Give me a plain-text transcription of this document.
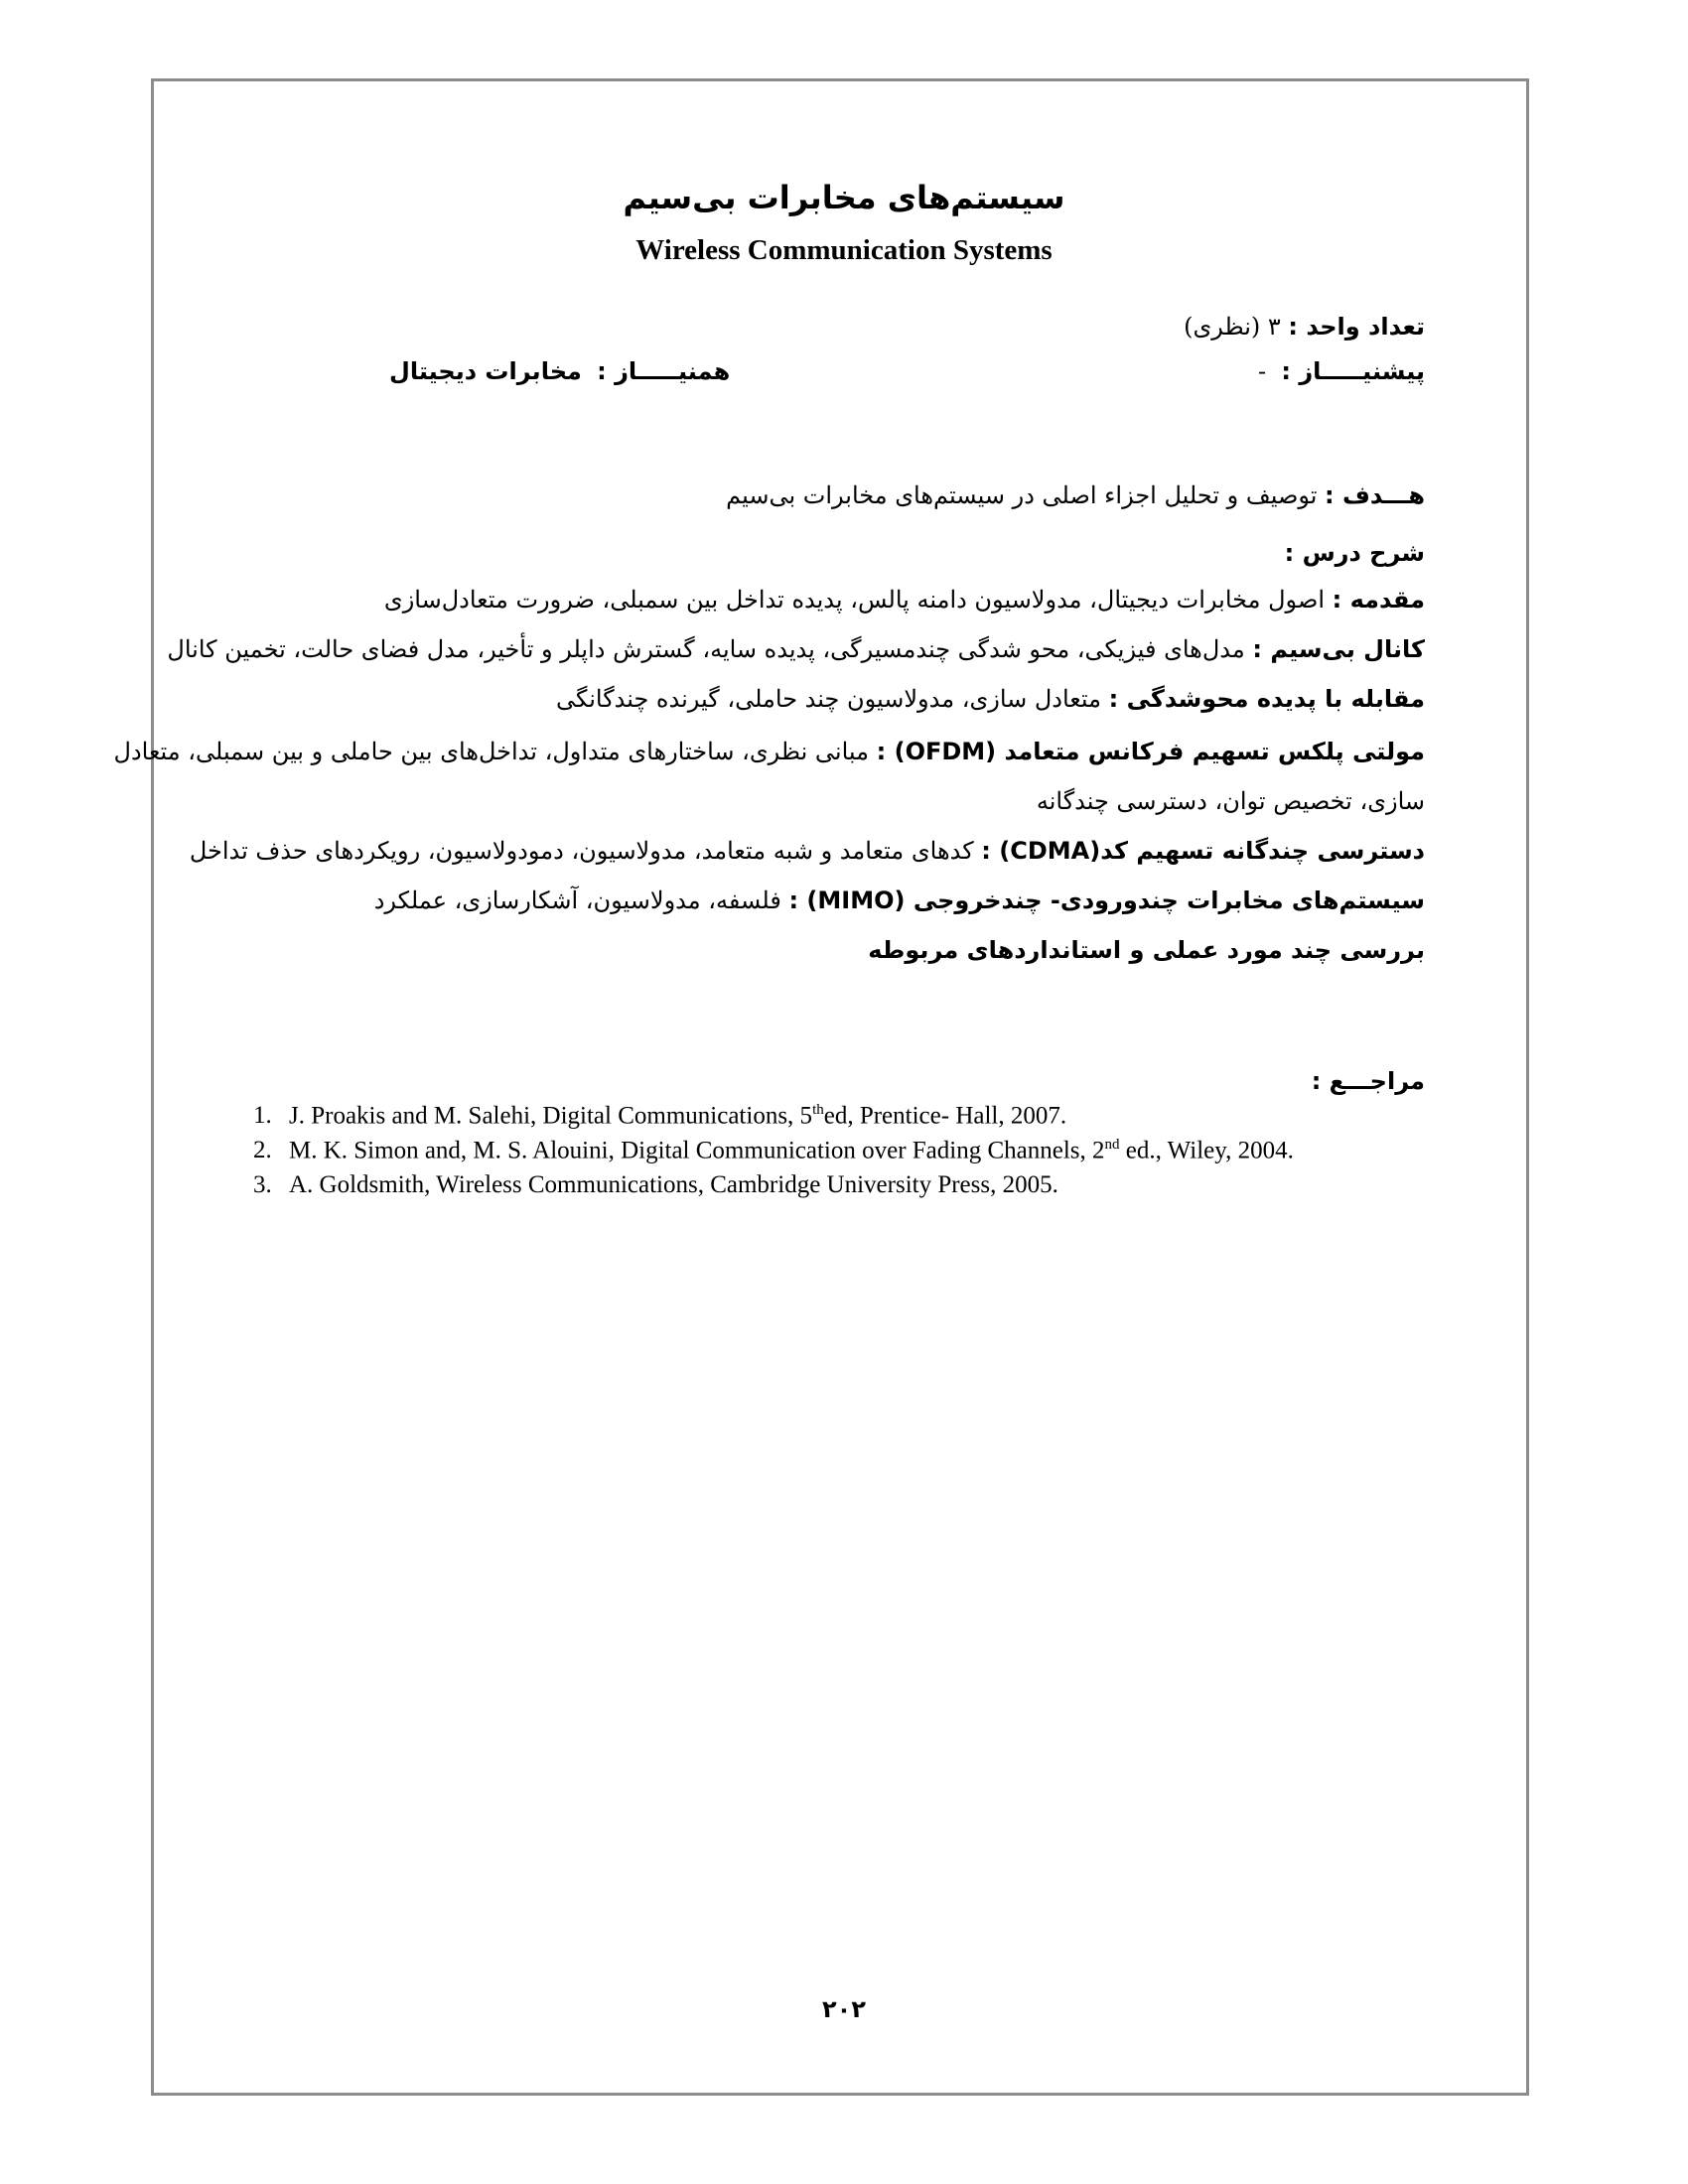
سیستم‌های مخابرات بی‌سیم
Wireless Communication Systems
تعداد واحد : ۳ (نظری)
پیشنیـــــاز :  -
همنیـــــاز :  مخابرات دیجیتال
هـــدف : توصیف و تحلیل اجزاء اصلی در سیستم‌های مخابرات بی‌سیم
شرح درس :
مقدمه : اصول مخابرات دیجیتال، مدولاسیون دامنه پالس، پدیده تداخل بین سمبلی، ضرورت متعادل‌سازی
کانال بی‌سیم : مدل‌های فیزیکی، محو شدگی چندمسیرگی، پدیده سایه، گسترش داپلر و تأخیر، مدل فضای حالت، تخمین کانال
مقابله با پدیده محوشدگی : متعادل سازی، مدولاسیون چند حاملی، گیرنده چندگانگی
مولتی پلکس تسهیم فرکانس متعامد (OFDM) : مبانی نظری، ساختارهای متداول، تداخل‌های بین حاملی و بین سمبلی، متعادل
سازی، تخصیص توان، دسترسی چندگانه
دسترسی چندگانه تسهیم کد(CDMA) : کدهای متعامد و شبه متعامد، مدولاسیون، دمودولاسیون، رویکردهای حذف تداخل
سیستم‌های مخابرات چندورودی- چندخروجی (MIMO) : فلسفه، مدولاسیون، آشکارسازی، عملکرد
بررسی چند مورد عملی و استانداردهای مربوطه
مراجـــع :
1. J. Proakis and M. Salehi, Digital Communications, 5thed, Prentice- Hall, 2007.
2. M. K. Simon and, M. S. Alouini, Digital Communication over Fading Channels, 2nd ed., Wiley, 2004.
3. A. Goldsmith, Wireless Communications, Cambridge University Press, 2005.
۲۰۲
